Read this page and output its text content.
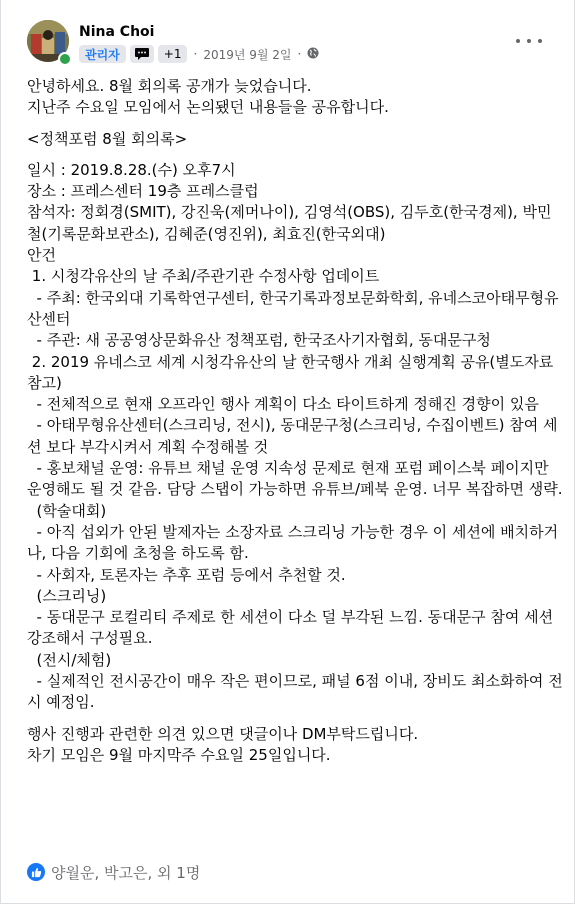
Nina Choi
관리자	+1	· 2019년 9월 2일 ·

안녕하세요. 8월 회의록 공개가 늦었습니다.
지난주 수요일 모임에서 논의됐던 내용들을 공유합니다.

<정책포럼 8월 회의록>

일시 : 2019.8.28.(수) 오후7시
장소 : 프레스센터 19층 프레스클럽
참석자: 정회경(SMIT), 강진욱(제머나이), 김영석(OBS), 김두호(한국경제), 박민철(기록문화보관소), 김혜준(영진위), 최효진(한국외대)
안건
1. 시청각유산의 날 주최/주관기관 수정사항 업데이트
- 주최: 한국외대 기록학연구센터, 한국기록과정보문화학회, 유네스코아태무형유산센터
- 주관: 새 공공영상문화유산 정책포럼, 한국조사기자협회, 동대문구청
2. 2019 유네스코 세계 시청각유산의 날 한국행사 개최 실행계획 공유(별도자료 참고)
- 전체적으로 현재 오프라인 행사 계획이 다소 타이트하게 정해진 경향이 있음
- 아태무형유산센터(스크리닝, 전시), 동대문구청(스크리닝, 수집이벤트) 참여 세션 보다 부각시켜서 계획 수정해볼 것
- 홍보채널 운영: 유튜브 채널 운영 지속성 문제로 현재 포럼 페이스북 페이지만 운영해도 될 것 같음. 담당 스탭이 가능하면 유튜브/페북 운영. 너무 복잡하면 생략.
(학술대회)
- 아직 섭외가 안된 발제자는 소장자료 스크리닝 가능한 경우 이 세션에 배치하거나, 다음 기회에 초청을 하도록 함.
- 사회자, 토론자는 추후 포럼 등에서 추천할 것.
(스크리닝)
- 동대문구 로컬리티 주제로 한 세션이 다소 덜 부각된 느낌. 동대문구 참여 세션 강조해서 구성필요.
(전시/체험)
- 실제적인 전시공간이 매우 작은 편이므로, 패널 6점 이내, 장비도 최소화하여 전시 예정임.

행사 진행과 관련한 의견 있으면 댓글이나 DM부탁드립니다.
차기 모임은 9월 마지막주 수요일 25일입니다.

양월운, 박고은, 외 1명
